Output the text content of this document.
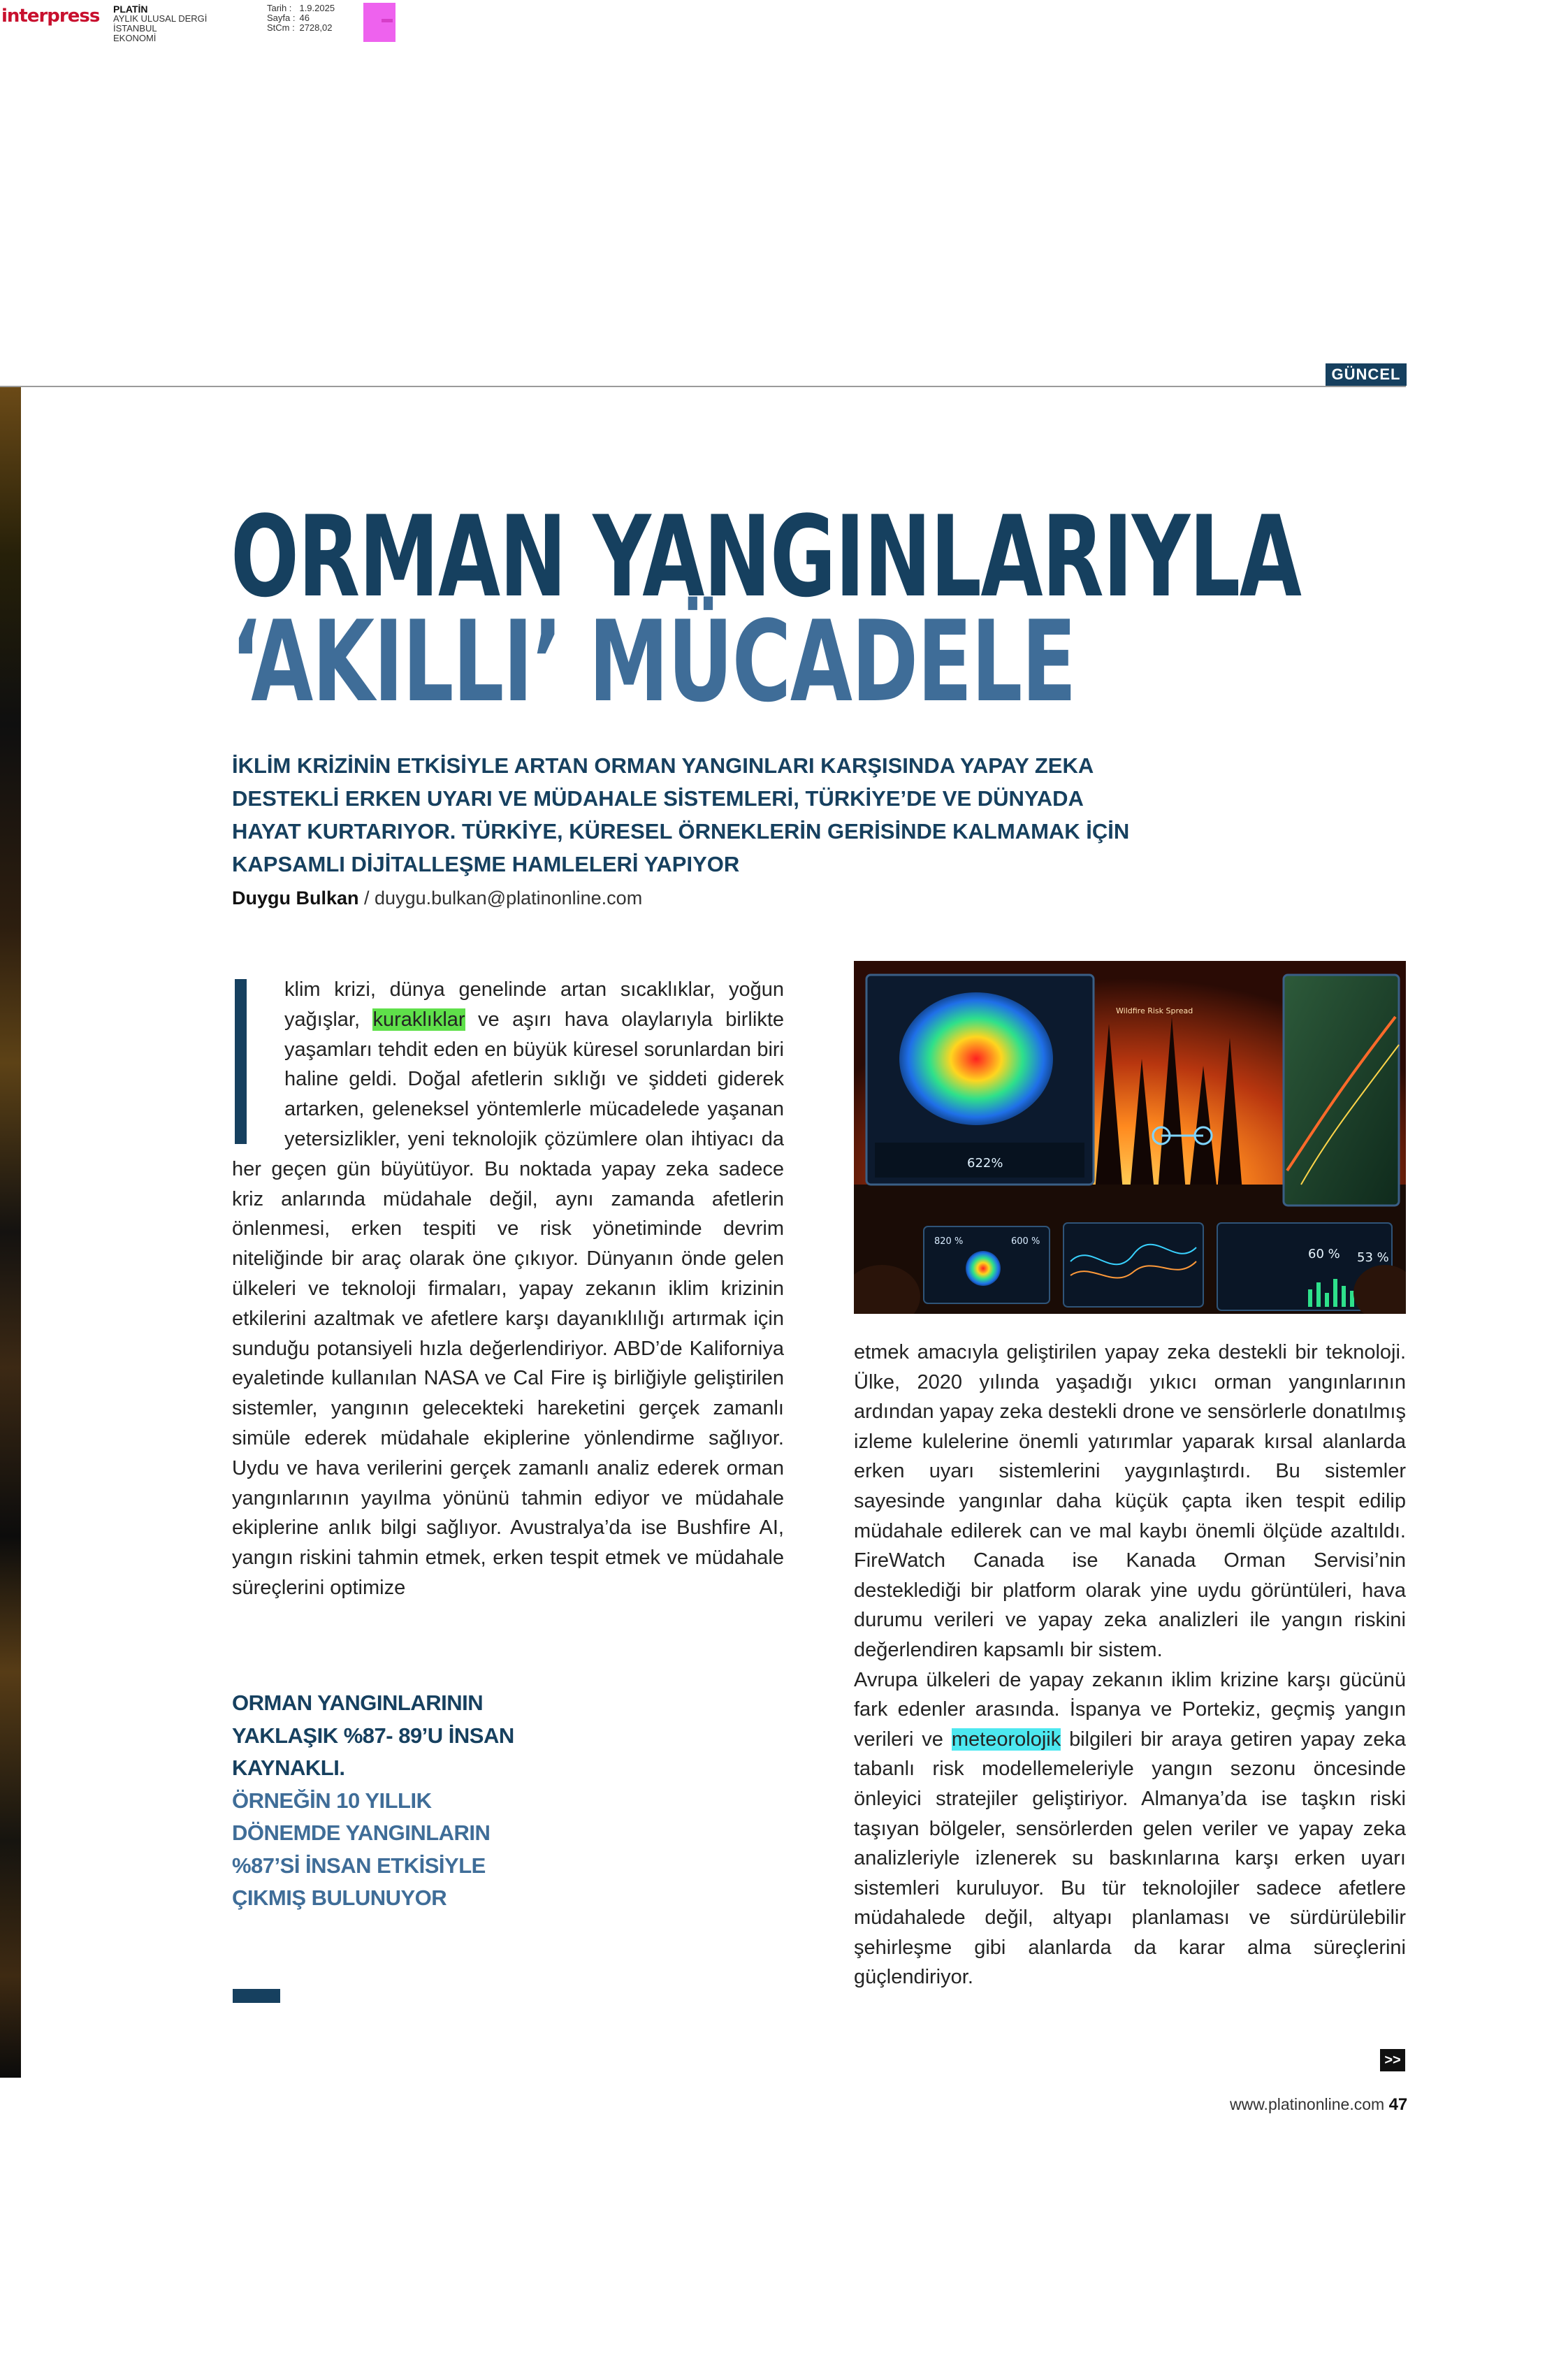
interpress PLATİN
AYLIK ULUSAL DERGİ
İSTANBUL
EKONOMİ
Tarih :	1.9.2025
Sayfa :	46
StCm :	2728,02
GÜNCEL
ORMAN YANGINLARIYLA
‘AKILLI’ MÜCADELE
İKLİM KRİZİNİN ETKİSİYLE ARTAN ORMAN YANGINLARI KARŞISINDA YAPAY ZEKA DESTEKLİ ERKEN UYARI VE MÜDAHALE SİSTEMLERİ, TÜRKİYE’DE VE DÜNYADA HAYAT KURTARIYOR. TÜRKİYE, KÜRESEL ÖRNEKLERİN GERİSİNDE KALMAMAK İÇİN KAPSAMLI DİJİTALLEŞME HAMLELERİ YAPIYOR
Duygu Bulkan / duygu.bulkan@platinonline.com

klim krizi, dünya genelinde artan sıcaklıklar, yoğun yağışlar, kuraklıklar ve aşırı hava olaylarıyla birlikte yaşamları tehdit eden en büyük küresel sorunlardan biri haline geldi. Doğal afetlerin sıklığı ve şiddeti giderek artarken, geleneksel yöntemlerle mücadelede yaşanan yetersizlikler, yeni teknolojik çözümlere olan ihtiyacı da her geçen gün büyütüyor. Bu noktada yapay zeka sadece kriz anlarında müdahale değil, aynı zamanda afetlerin önlenmesi, erken tespiti ve risk yönetiminde devrim niteliğinde bir araç olarak öne çıkıyor. Dünyanın önde gelen ülkeleri ve teknoloji firmaları, yapay zekanın iklim krizinin etkilerini azaltmak ve afetlere karşı dayanıklılığı artırmak için sunduğu potansiyeli hızla değerlendiriyor. ABD’de Kaliforniya eyaletinde kullanılan NASA ve Cal Fire iş birliğiyle geliştirilen sistemler, yangının gelecekteki hareketini gerçek zamanlı simüle ederek müdahale ekiplerine yönlendirme sağlıyor. Uydu ve hava verilerini gerçek zamanlı analiz ederek orman yangınlarının yayılma yönünü tahmin ediyor ve müdahale ekiplerine anlık bilgi sağlıyor. Avustralya’da ise Bushfire AI, yangın riskini tahmin etmek, erken tespit etmek ve müdahale süreçlerini optimize

ORMAN YANGINLARININ YAKLAŞIK %87- 89’U İNSAN KAYNAKLI.
ÖRNEĞİN 10 YILLIK DÖNEMDE YANGINLARIN %87’Sİ İNSAN ETKİSİYLE ÇIKMIŞ BULUNUYOR
622%
Wildfire Risk Spread
820 %	600 %
60 % 53 %

etmek amacıyla geliştirilen yapay zeka destekli bir teknoloji. Ülke, 2020 yılında yaşadığı yıkıcı orman yangınlarının ardından yapay zeka destekli drone ve sensörlerle donatılmış izleme kulelerine önemli yatırımlar yaparak kırsal alanlarda erken uyarı sistemlerini yaygınlaştırdı. Bu sistemler sayesinde yangınlar daha küçük çapta iken tespit edilip müdahale edilerek can ve mal kaybı önemli ölçüde azaltıldı. FireWatch Canada ise Kanada Orman Servisi’nin desteklediği bir platform olarak yine uydu görüntüleri, hava durumu verileri ve yapay zeka analizleri ile yangın riskini değerlendiren kapsamlı bir sistem.

Avrupa ülkeleri de yapay zekanın iklim krizine karşı gücünü fark edenler arasında. İspanya ve Portekiz, geçmiş yangın verileri ve meteorolojik bilgileri bir araya getiren yapay zeka tabanlı risk modellemeleriyle yangın sezonu öncesinde önleyici stratejiler geliştiriyor. Almanya’da ise taşkın riski taşıyan bölgeler, sensörlerden gelen veriler ve yapay zeka analizleriyle izlenerek su baskınlarına karşı erken uyarı sistemleri kuruluyor. Bu tür teknolojiler sadece afetlere müdahalede değil, altyapı planlaması ve sürdürülebilir şehirleşme gibi alanlarda da karar alma süreçlerini güçlendiriyor.

>>
www.platinonline.com 47
